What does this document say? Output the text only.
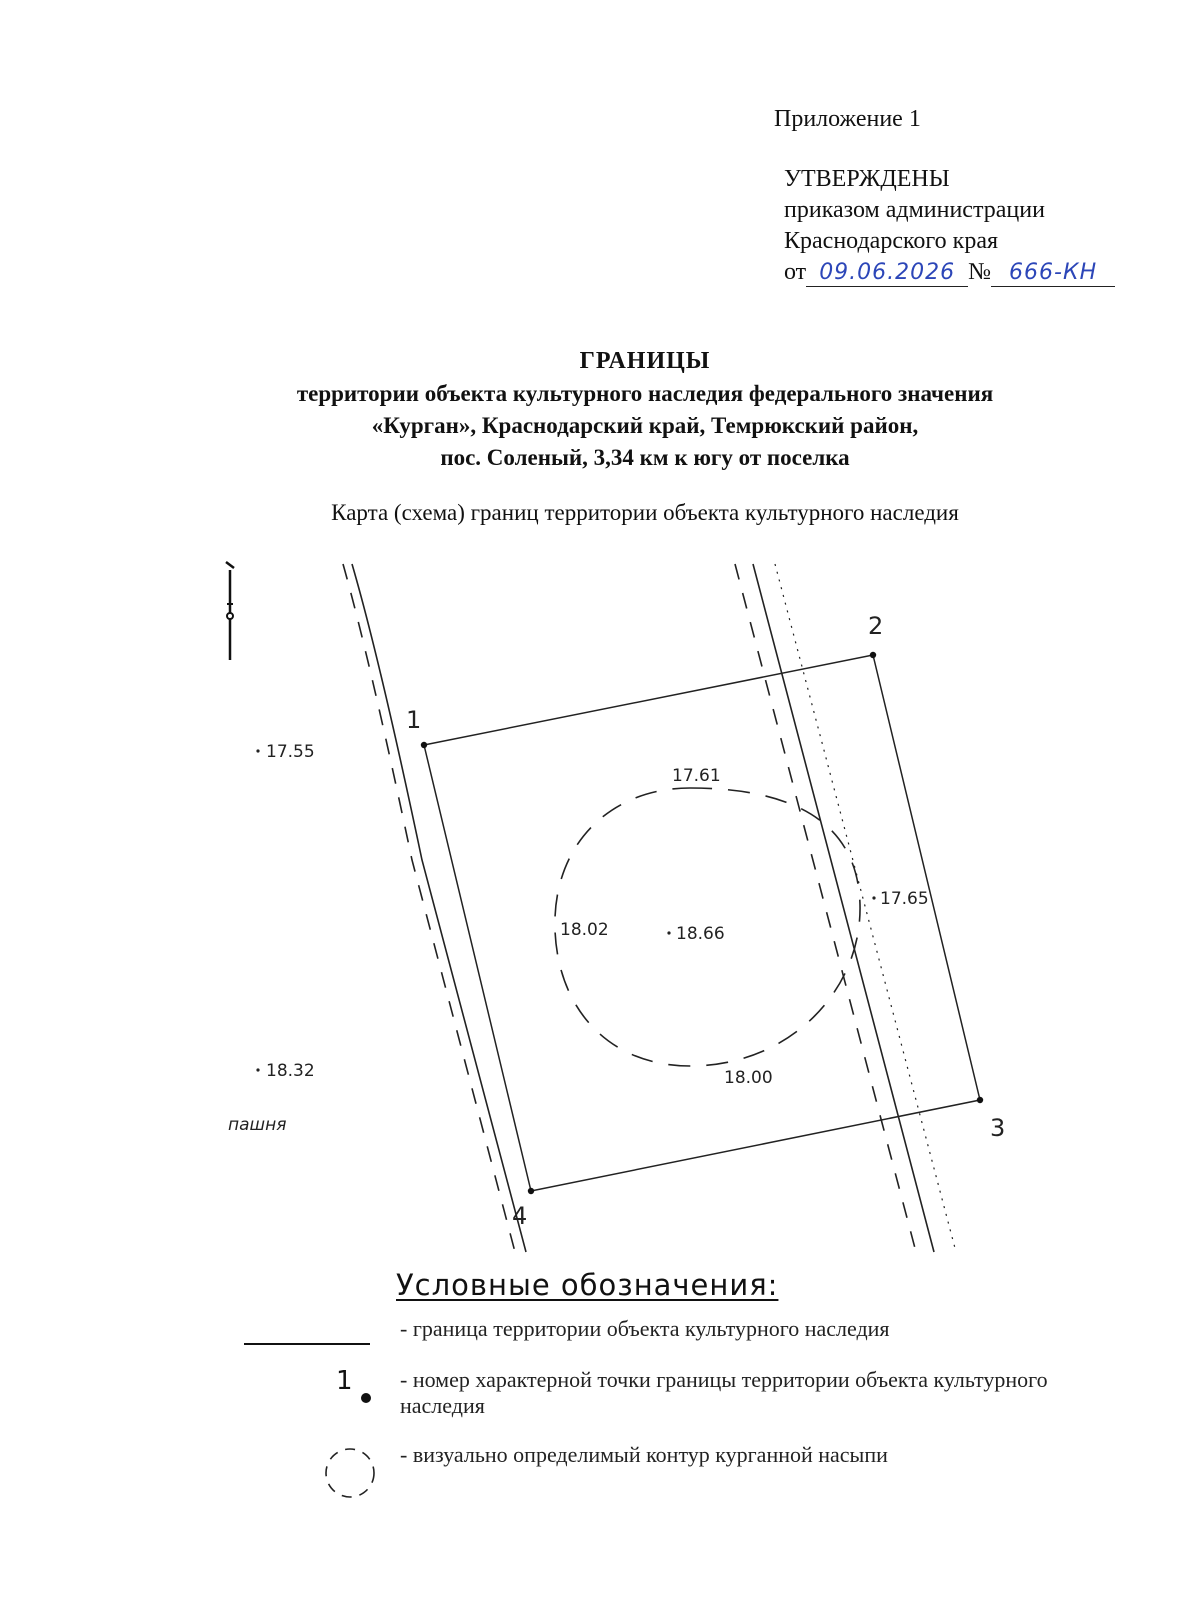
Приложение 1
УТВЕРЖДЕНЫ
приказом администрации
Краснодарского края
от 09.06.2026 № 666-КН
ГРАНИЦЫ
территории объекта культурного наследия федерального значения
«Курган», Краснодарский край, Темрюкский район,
пос. Соленый, 3,34 км к югу от поселка
Карта (схема) границ территории объекта культурного наследия
1
2
3
4
17.55
17.61
17.65
18.02	18.66
18.00
18.32
пашня
Условные обозначения:
- граница территории объекта культурного наследия
1 - номер характерной точки границы территории объекта культурного наследия
- визуально определимый контур курганной насыпи
